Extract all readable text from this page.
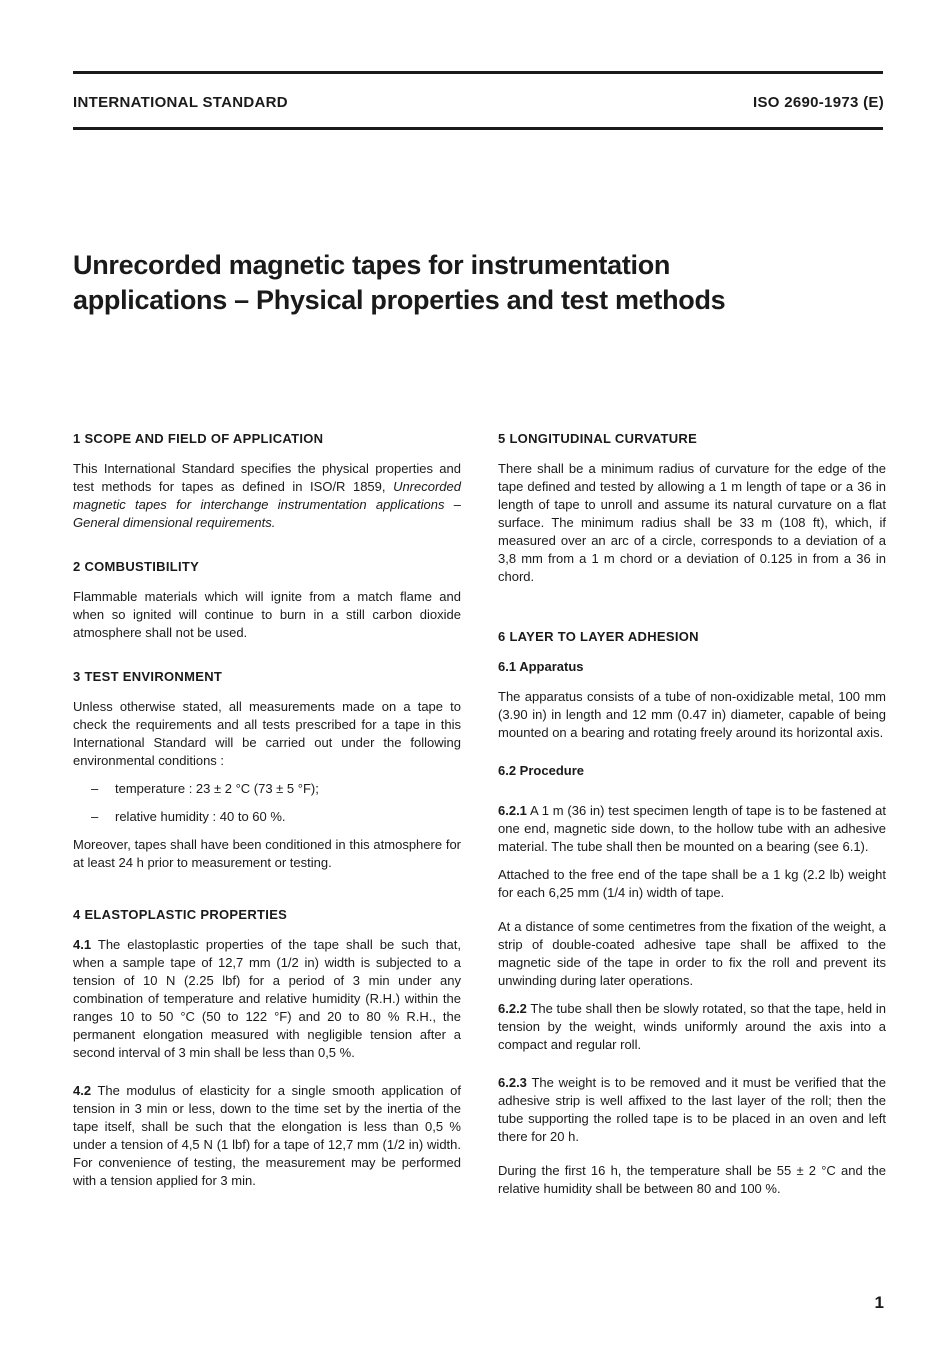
INTERNATIONAL STANDARD	ISO 2690-1973 (E)
Unrecorded magnetic tapes for instrumentation
applications – Physical properties and test methods
1 SCOPE AND FIELD OF APPLICATION

This International Standard specifies the physical properties and test methods for tapes as defined in ISO/R 1859, Unrecorded magnetic tapes for interchange instrumentation applications – General dimensional requirements.

2 COMBUSTIBILITY

Flammable materials which will ignite from a match flame and when so ignited will continue to burn in a still carbon dioxide atmosphere shall not be used.

3 TEST ENVIRONMENT

Unless otherwise stated, all measurements made on a tape to check the requirements and all tests prescribed for a tape in this International Standard will be carried out under the following environmental conditions :

– temperature : 23 ± 2 °C (73 ± 5 °F);
– relative humidity : 40 to 60 %.

Moreover, tapes shall have been conditioned in this atmosphere for at least 24 h prior to measurement or testing.

4 ELASTOPLASTIC PROPERTIES

4.1 The elastoplastic properties of the tape shall be such that, when a sample tape of 12,7 mm (1/2 in) width is subjected to a tension of 10 N (2.25 lbf) for a period of 3 min under any combination of temperature and relative humidity (R.H.) within the ranges 10 to 50 °C (50 to 122 °F) and 20 to 80 % R.H., the permanent elongation measured with negligible tension after a second interval of 3 min shall be less than 0,5 %.

4.2 The modulus of elasticity for a single smooth application of tension in 3 min or less, down to the time set by the inertia of the tape itself, shall be such that the elongation is less than 0,5 % under a tension of 4,5 N (1 lbf) for a tape of 12,7 mm (1/2 in) width. For convenience of testing, the measurement may be performed with a tension applied for 3 min.

5 LONGITUDINAL CURVATURE

There shall be a minimum radius of curvature for the edge of the tape defined and tested by allowing a 1 m length of tape or a 36 in length of tape to unroll and assume its natural curvature on a flat surface. The minimum radius shall be 33 m (108 ft), which, if measured over an arc of a circle, corresponds to a deviation of a 3,8 mm from a 1 m chord or a deviation of 0.125 in from a 36 in chord.

6 LAYER TO LAYER ADHESION
6.1 Apparatus

The apparatus consists of a tube of non-oxidizable metal, 100 mm (3.90 in) in length and 12 mm (0.47 in) diameter, capable of being mounted on a bearing and rotating freely around its horizontal axis.

6.2 Procedure

6.2.1 A 1 m (36 in) test specimen length of tape is to be fastened at one end, magnetic side down, to the hollow tube with an adhesive material. The tube shall then be mounted on a bearing (see 6.1).

Attached to the free end of the tape shall be a 1 kg (2.2 lb) weight for each 6,25 mm (1/4 in) width of tape.

At a distance of some centimetres from the fixation of the weight, a strip of double-coated adhesive tape shall be affixed to the magnetic side of the tape in order to fix the roll and prevent its unwinding during later operations.

6.2.2 The tube shall then be slowly rotated, so that the tape, held in tension by the weight, winds uniformly around the axis into a compact and regular roll.

6.2.3 The weight is to be removed and it must be verified that the adhesive strip is well affixed to the last layer of the roll; then the tube supporting the rolled tape is to be placed in an oven and left there for 20 h.

During the first 16 h, the temperature shall be 55 ± 2 °C and the relative humidity shall be between 80 and 100 %.

1
